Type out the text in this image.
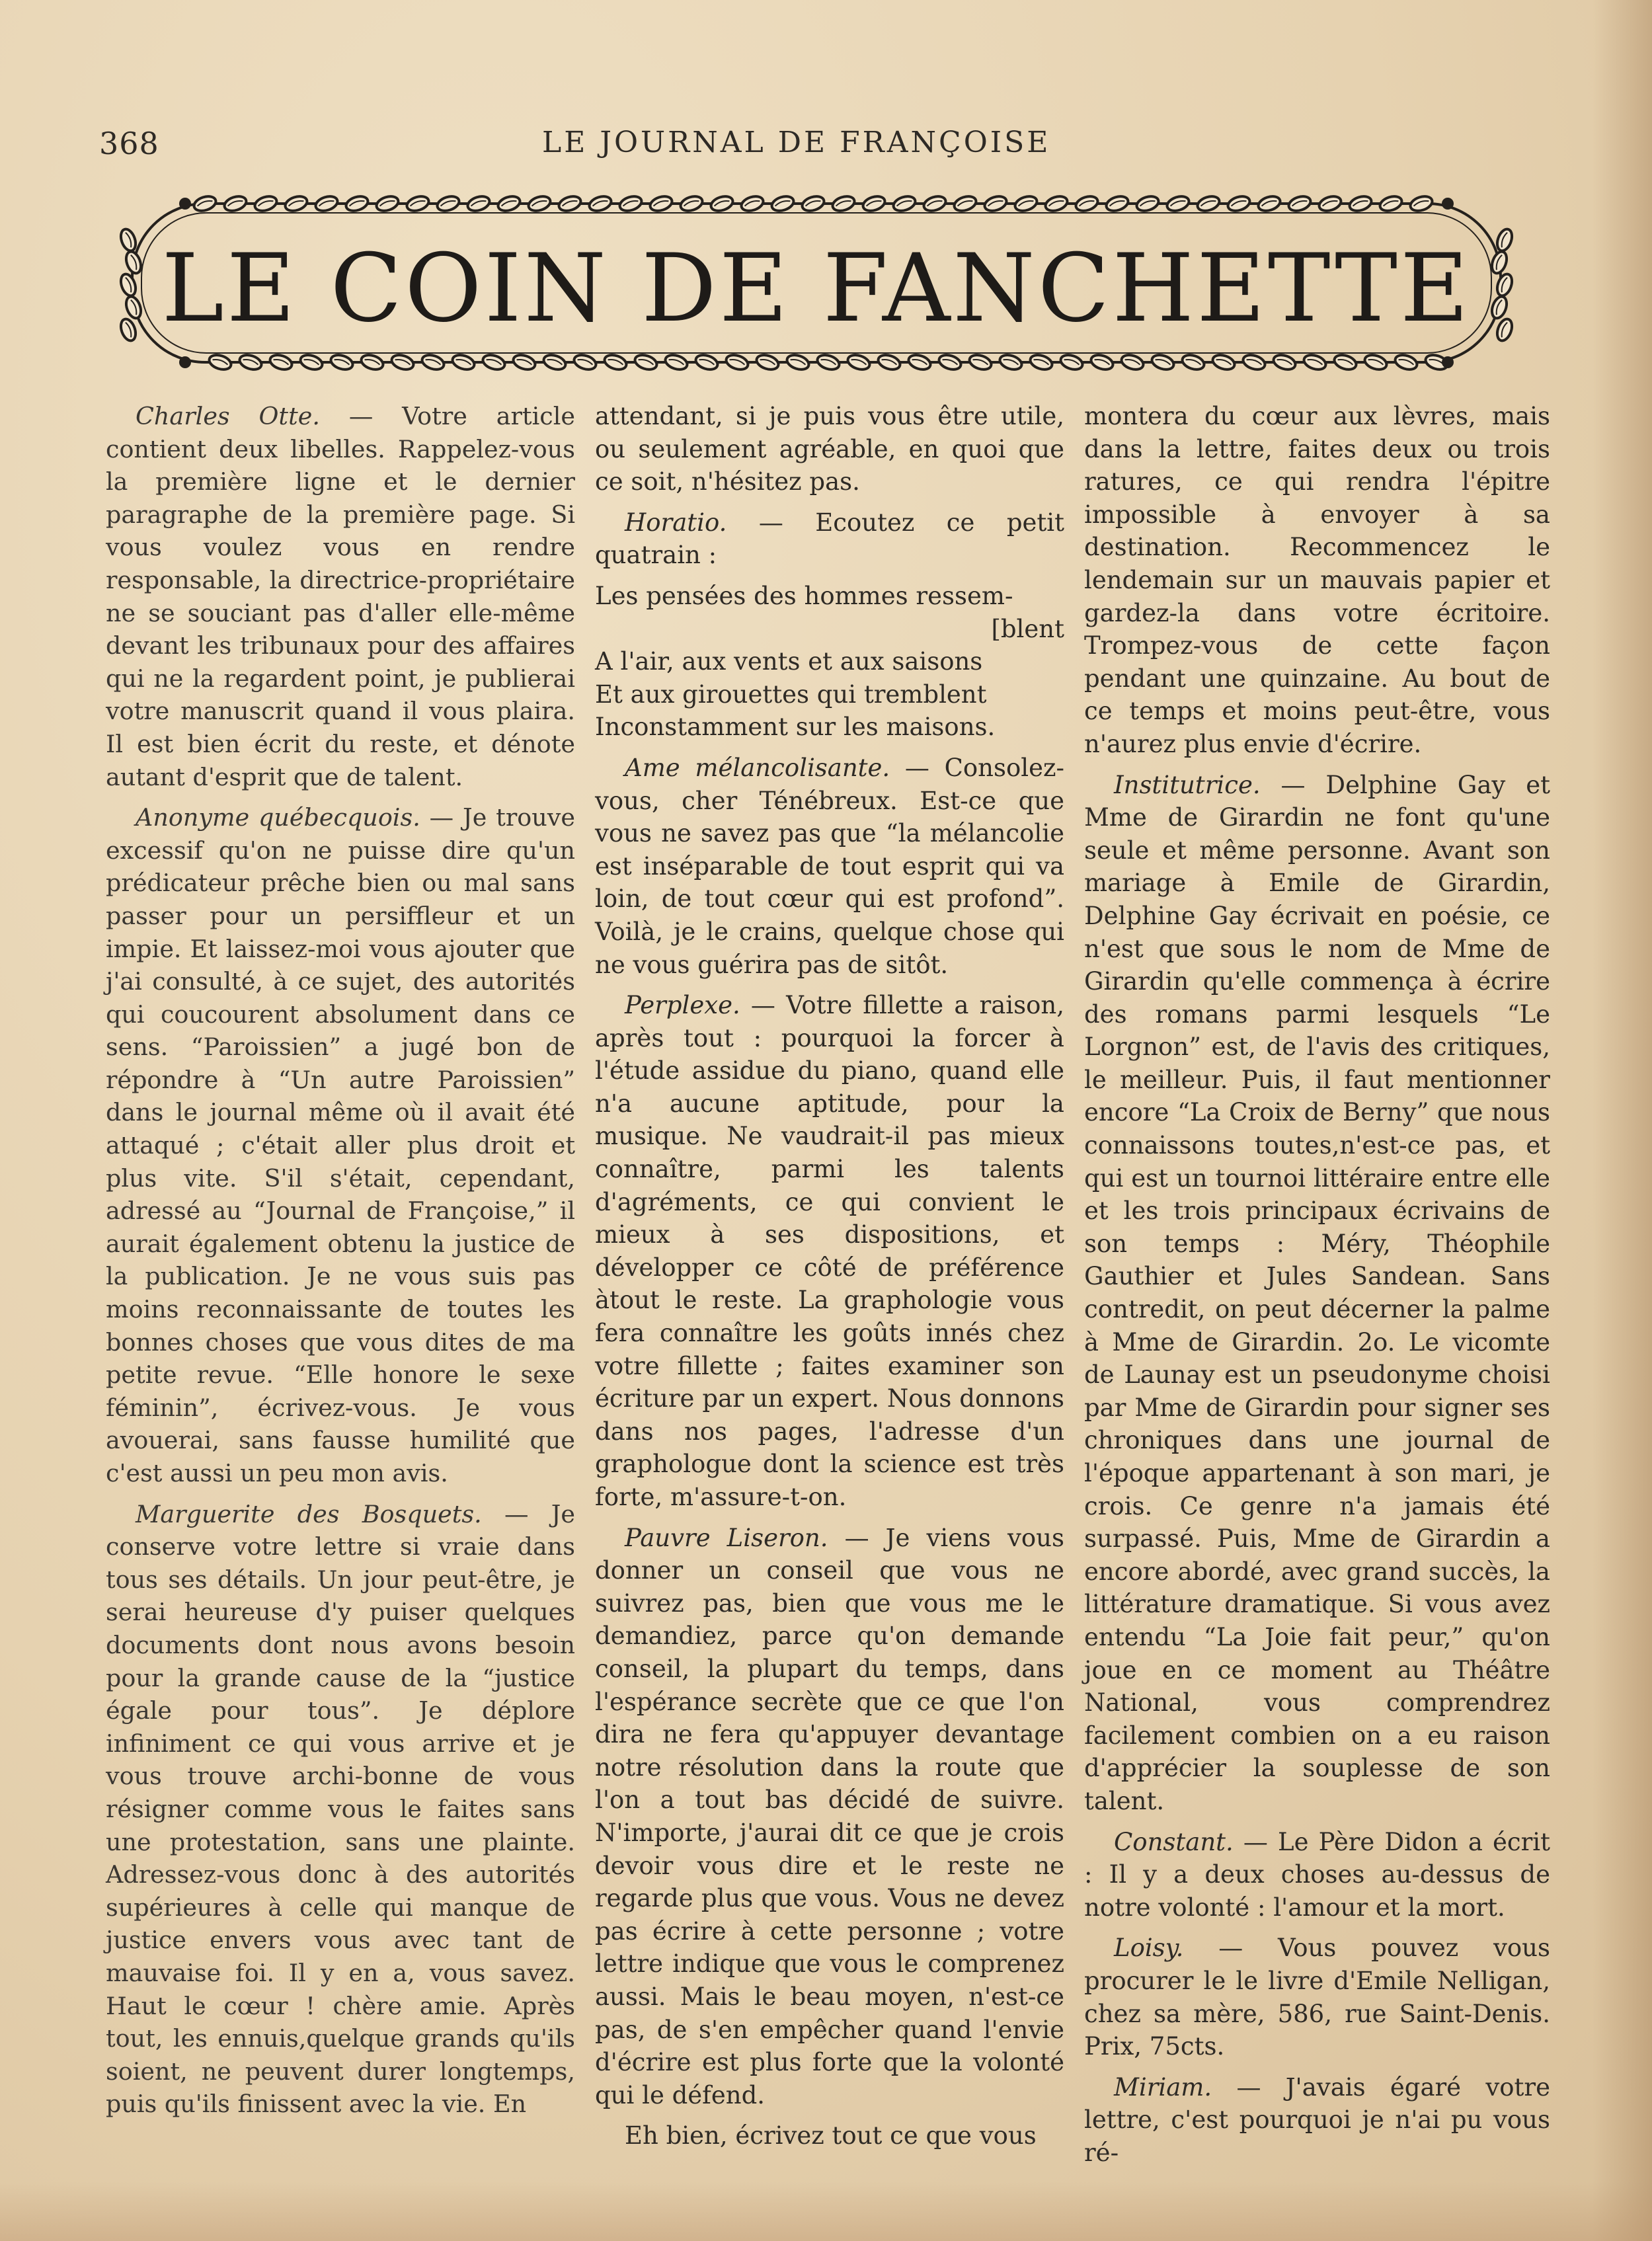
368	LE JOURNAL DE FRANÇOISE
LE COIN DE FANCHETTE

Charles Otte. — Votre article contient deux libelles. Rappelez-vous la première ligne et le dernier paragraphe de la première page. Si vous voulez vous en rendre responsable, la directrice-propriétaire ne se souciant pas d'aller elle-même devant les tribunaux pour des affaires qui ne la regardent point, je publierai votre manuscrit quand il vous plaira. Il est bien écrit du reste, et dénote autant d'esprit que de talent.

Anonyme québecquois. — Je trouve excessif qu'on ne puisse dire qu'un prédicateur prêche bien ou mal sans passer pour un persiffleur et un impie. Et laissez-moi vous ajouter que j'ai consulté, à ce sujet, des autorités qui coucourent absolument dans ce sens. “Paroissien” a jugé bon de répondre à “Un autre Paroissien” dans le journal même où il avait été attaqué ; c'était aller plus droit et plus vite. S'il s'était, cependant, adressé au “Journal de Françoise,” il aurait également obtenu la justice de la publication. Je ne vous suis pas moins reconnaissante de toutes les bonnes choses que vous dites de ma petite revue. “Elle honore le sexe féminin”, écrivez-vous. Je vous avouerai, sans fausse humilité que c'est aussi un peu mon avis.

Marguerite des Bosquets. — Je conserve votre lettre si vraie dans tous ses détails. Un jour peut-être, je serai heureuse d'y puiser quelques documents dont nous avons besoin pour la grande cause de la “justice égale pour tous”. Je déplore infiniment ce qui vous arrive et je vous trouve archi-bonne de vous résigner comme vous le faites sans une protestation, sans une plainte. Adressez-vous donc à des autorités supérieures à celle qui manque de justice envers vous avec tant de mauvaise foi. Il y en a, vous savez. Haut le cœur ! chère amie. Après tout, les ennuis,quelque grands qu'ils soient, ne peuvent durer longtemps, puis qu'ils finissent avec la vie. En

attendant, si je puis vous être utile, ou seulement agréable, en quoi que ce soit, n'hésitez pas.

Horatio. — Ecoutez ce petit quatrain :

Les pensées des hommes ressem-
[blent
A l'air, aux vents et aux saisons
Et aux girouettes qui tremblent
Inconstamment sur les maisons.

Ame mélancolisante. — Consolez-vous, cher Ténébreux. Est-ce que vous ne savez pas que “la mélancolie est inséparable de tout esprit qui va loin, de tout cœur qui est profond”. Voilà, je le crains, quelque chose qui ne vous guérira pas de sitôt.

Perplexe. — Votre fillette a raison, après tout : pourquoi la forcer à l'étude assidue du piano, quand elle n'a aucune aptitude, pour la musique. Ne vaudrait-il pas mieux connaître, parmi les talents d'agréments, ce qui convient le mieux à ses dispositions, et développer ce côté de préférence àtout le reste. La graphologie vous fera connaître les goûts innés chez votre fillette ; faites examiner son écriture par un expert. Nous donnons dans nos pages, l'adresse d'un graphologue dont la science est très forte, m'assure-t-on.

Pauvre Liseron. — Je viens vous donner un conseil que vous ne suivrez pas, bien que vous me le demandiez, parce qu'on demande conseil, la plupart du temps, dans l'espérance secrète que ce que l'on dira ne fera qu'appuyer devantage notre résolution dans la route que l'on a tout bas décidé de suivre. N'importe, j'aurai dit ce que je crois devoir vous dire et le reste ne regarde plus que vous. Vous ne devez pas écrire à cette personne ; votre lettre indique que vous le comprenez aussi. Mais le beau moyen, n'est-ce pas, de s'en empêcher quand l'envie d'écrire est plus forte que la volonté qui le défend.

Eh bien, écrivez tout ce que vous

montera du cœur aux lèvres, mais dans la lettre, faites deux ou trois ratures, ce qui rendra l'épitre impossible à envoyer à sa destination. Recommencez le lendemain sur un mauvais papier et gardez-la dans votre écritoire. Trompez-vous de cette façon pendant une quinzaine. Au bout de ce temps et moins peut-être, vous n'aurez plus envie d'écrire.

Institutrice. — Delphine Gay et Mme de Girardin ne font qu'une seule et même personne. Avant son mariage à Emile de Girardin, Delphine Gay écrivait en poésie, ce n'est que sous le nom de Mme de Girardin qu'elle commença à écrire des romans parmi lesquels “Le Lorgnon” est, de l'avis des critiques, le meilleur. Puis, il faut mentionner encore “La Croix de Berny” que nous connaissons toutes,n'est-ce pas, et qui est un tournoi littéraire entre elle et les trois principaux écrivains de son temps : Méry, Théophile Gauthier et Jules Sandean. Sans contredit, on peut décerner la palme à Mme de Girardin. 2o. Le vicomte de Launay est un pseudonyme choisi par Mme de Girardin pour signer ses chroniques dans une journal de l'époque appartenant à son mari, je crois. Ce genre n'a jamais été surpassé. Puis, Mme de Girardin a encore abordé, avec grand succès, la littérature dramatique. Si vous avez entendu “La Joie fait peur,” qu'on joue en ce moment au Théâtre National, vous comprendrez facilement combien on a eu raison d'apprécier la souplesse de son talent.

Constant. — Le Père Didon a écrit : Il y a deux choses au-dessus de notre volonté : l'amour et la mort.

Loisy. — Vous pouvez vous procurer le le livre d'Emile Nelligan, chez sa mère, 586, rue Saint-Denis. Prix, 75cts.

Miriam. — J'avais égaré votre lettre, c'est pourquoi je n'ai pu vous ré-
